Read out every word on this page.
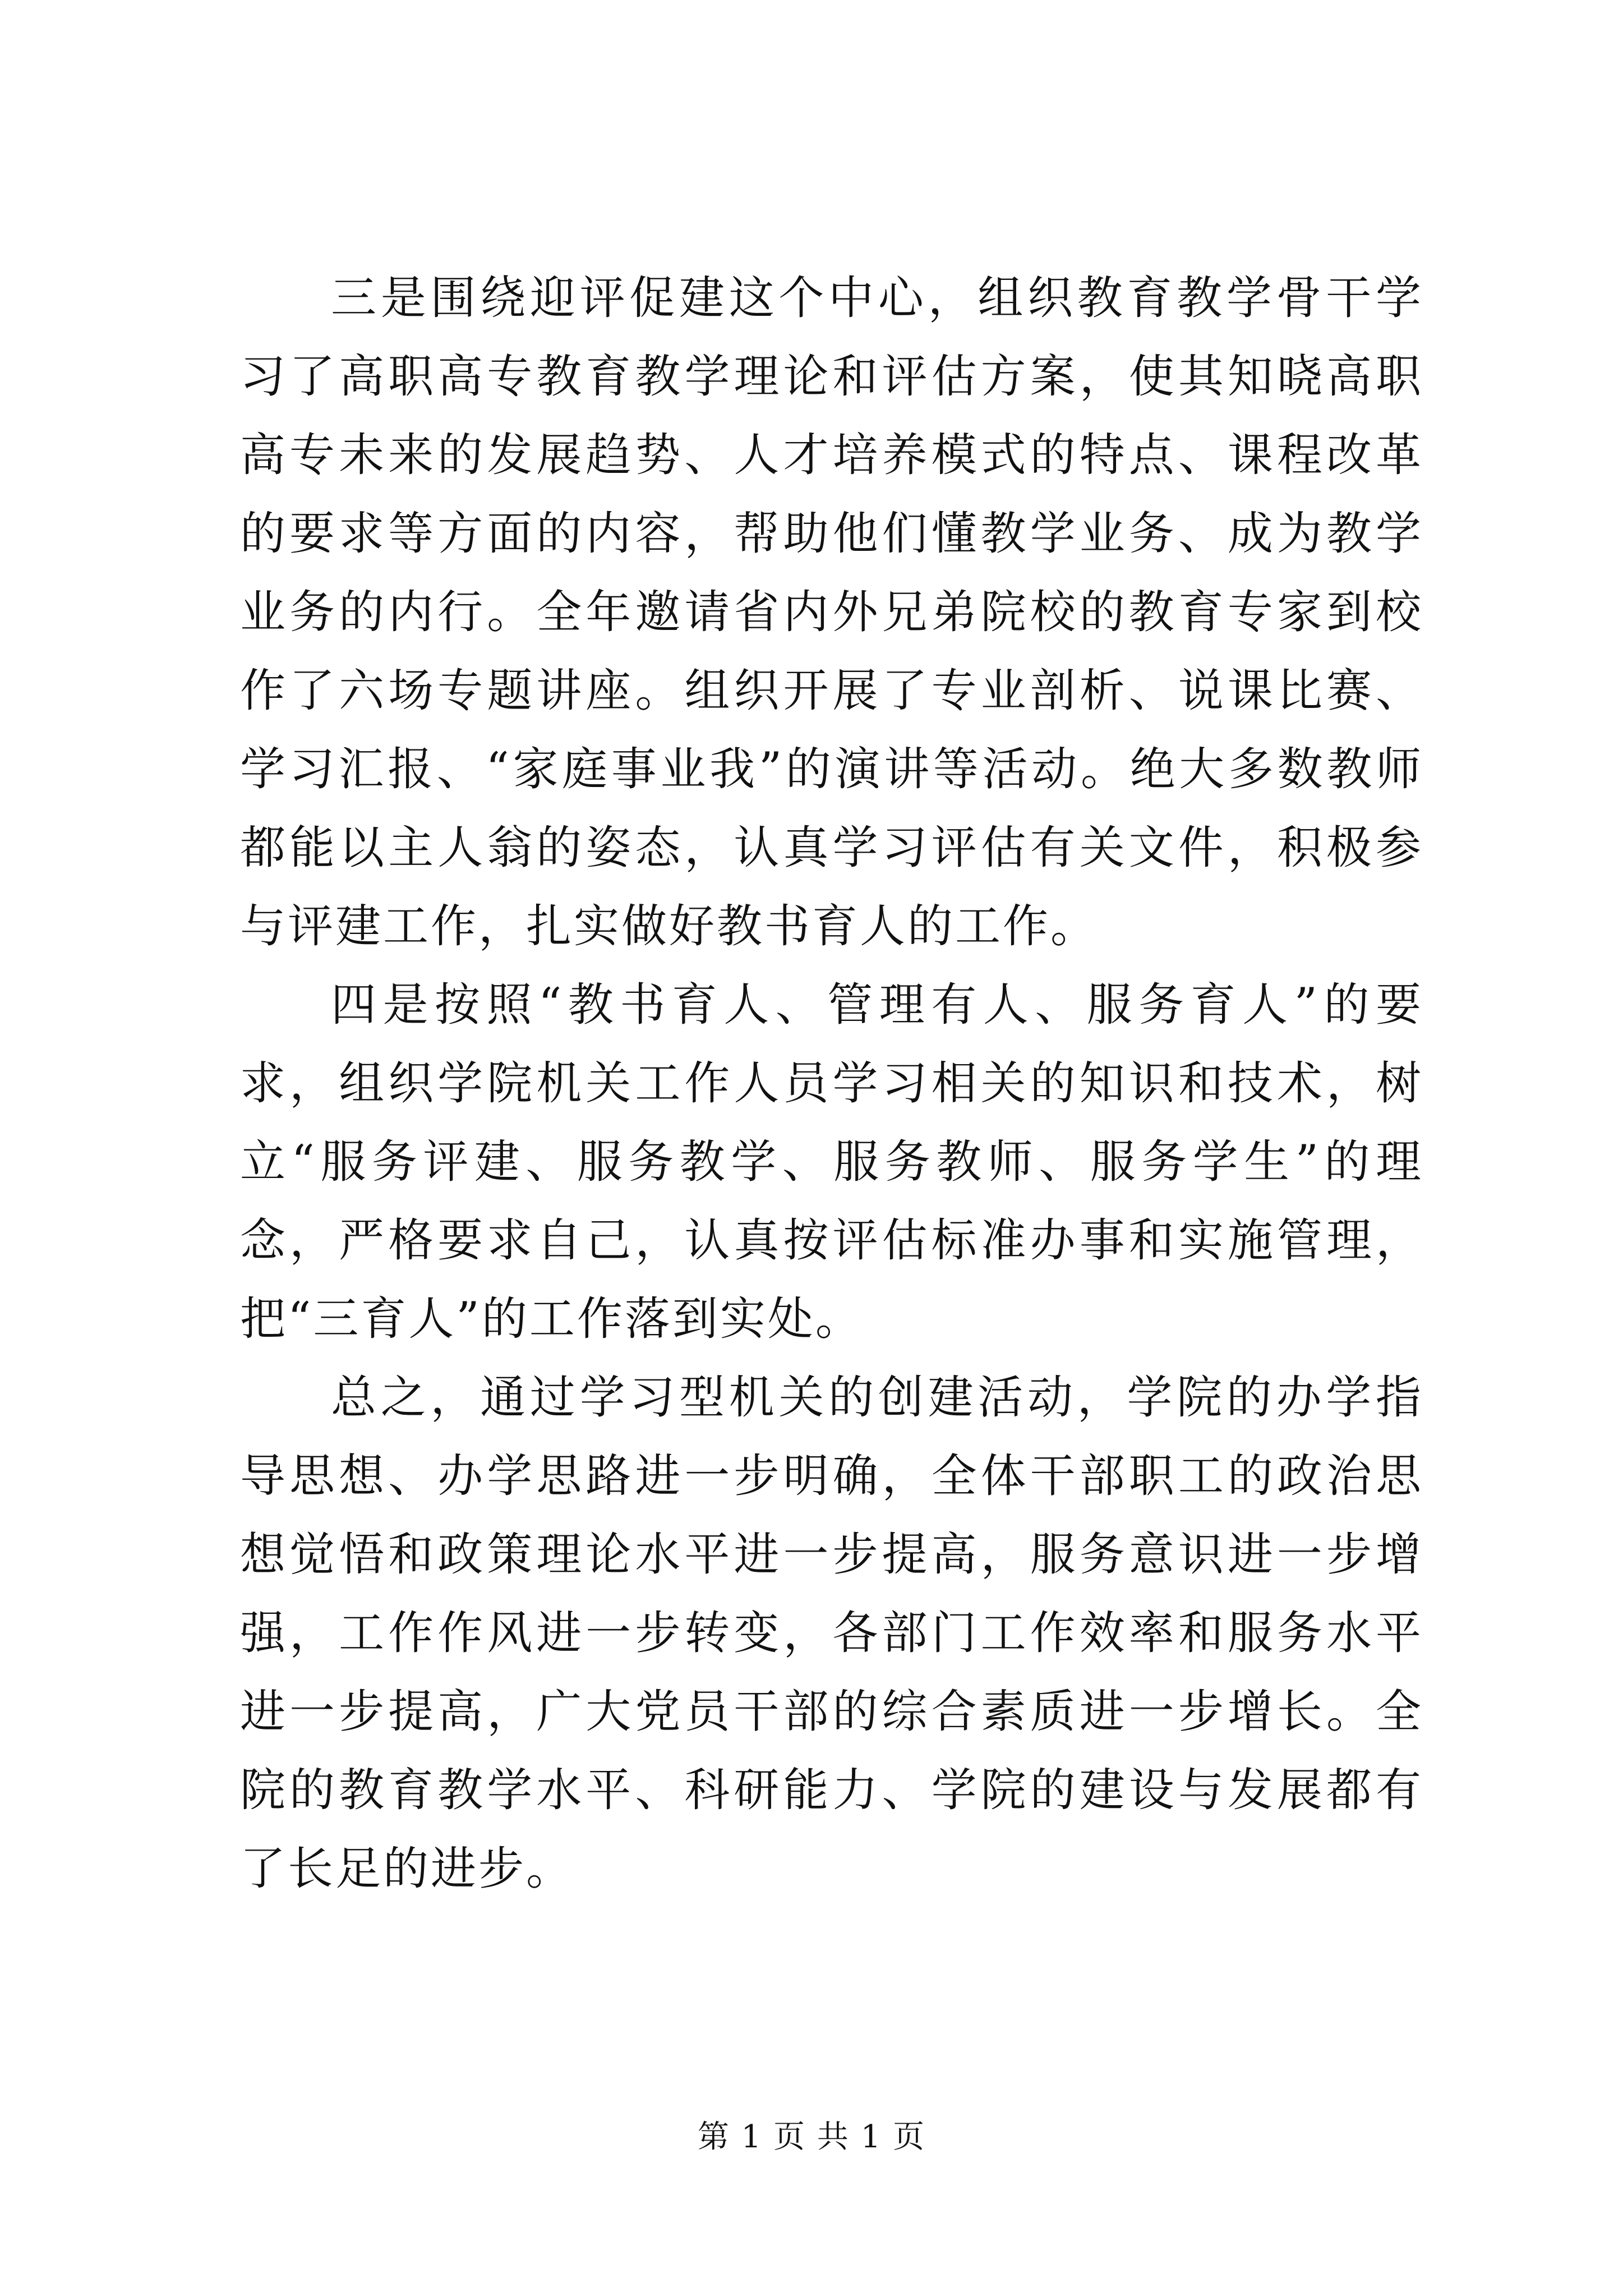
三是围绕迎评促建这个中心，组织教育教学骨干学习了高职高专教育教学理论和评估方案，使其知晓高职高专未来的发展趋势、人才培养模式的特点、课程改革的要求等方面的内容，帮助他们懂教学业务、成为教学业务的内行。全年邀请省内外兄弟院校的教育专家到校作了六场专题讲座。组织开展了专业剖析、说课比赛、学习汇报、“家庭事业我”的演讲等活动。绝大多数教师都能以主人翁的姿态，认真学习评估有关文件，积极参与评建工作，扎实做好教书育人的工作。

四是按照“教书育人、管理有人、服务育人”的要求，组织学院机关工作人员学习相关的知识和技术，树立“服务评建、服务教学、服务教师、服务学生”的理念，严格要求自己，认真按评估标准办事和实施管理，把“三育人”的工作落到实处。

总之，通过学习型机关的创建活动，学院的办学指导思想、办学思路进一步明确，全体干部职工的政治思想觉悟和政策理论水平进一步提高，服务意识进一步增强，工作作风进一步转变，各部门工作效率和服务水平进一步提高，广大党员干部的综合素质进一步增长。全院的教育教学水平、科研能力、学院的建设与发展都有了长足的进步。

第 1 页 共 1 页
